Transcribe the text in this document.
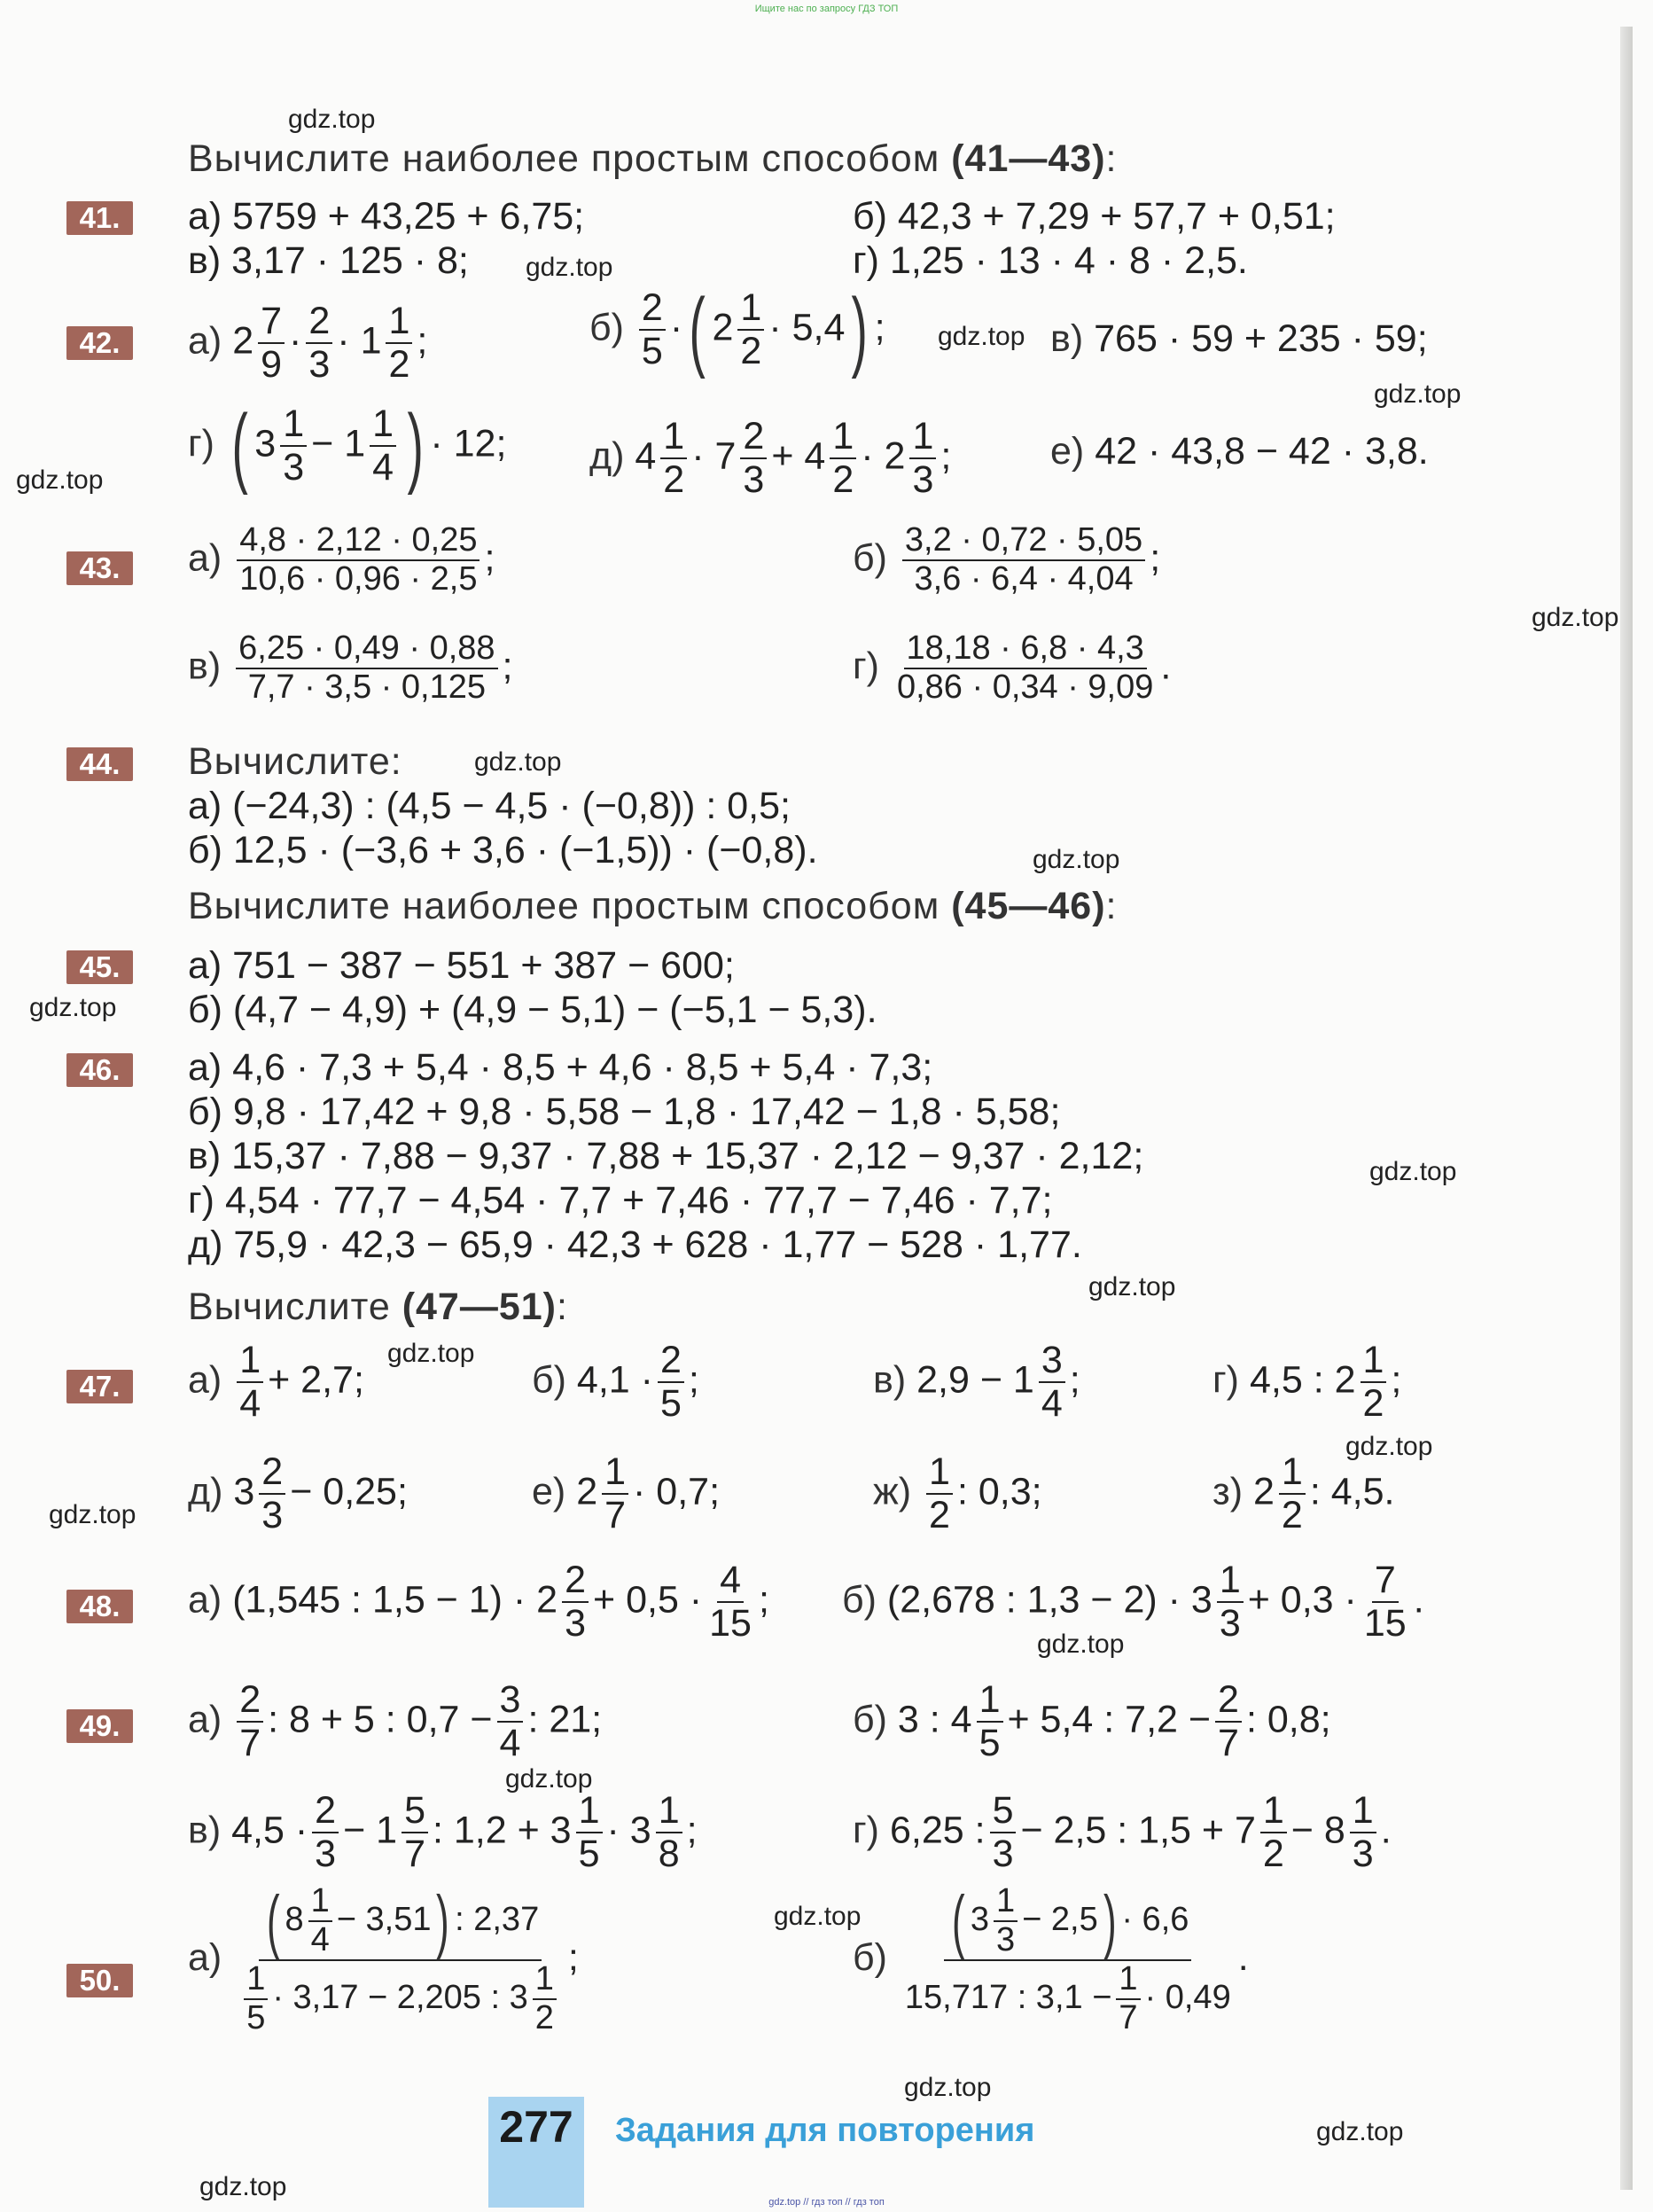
Ищите нас по запросу ГДЗ ТОП
gdz.top
gdz.top
gdz.top
gdz.top
gdz.top
gdz.top
gdz.top
gdz.top
gdz.top
gdz.top
gdz.top
gdz.top
gdz.top
gdz.top
gdz.top
gdz.top
gdz.top
gdz.top
gdz.top
gdz.top
Вычислите наиболее простым способом (41—43):
41.	а) 5759 + 43,25 + 6,75;	б) 42,3 + 7,29 + 57,7 + 0,51;
в) 3,17 · 125 · 8;	г) 1,25 · 13 · 4 · 8 · 2,5.
42.	а) $2 \frac{7}{9} \cdot \frac{2}{3} \cdot 1 \frac{1}{2}$ ;	$б) \frac{2}{5}$ ·( $2 \frac{1}{2} \cdot 5,4$) ;	в) 765 · 59 + 235 · 59;
г) ( $3 \frac{1}{3} - 1 \frac{1}{4}$ ) · 12; д) $4 \frac{1}{2} \cdot 7 \frac{2}{3} + 4 \frac{1}{2} \cdot 2 \frac{1}{3}$ ;	е) 42 · 43,8 − 42 · 3,8.
43.	$а) \frac{4,8 \cdot 2,12 \cdot 0,25}{10,6 \cdot 0,96 \cdot 2,5}$ ;	$б) \frac{3,2 \cdot 0,72 \cdot 5,05}{3,6 \cdot 6,4 \cdot 4,04}$ ;
$в) \frac{6,25 \cdot 0,49 \cdot 0,88}{7,7 \cdot 3,5 \cdot 0,125}$ ;	$г) \frac{18,18 \cdot 6,8 \cdot 4,3}{0,86 \cdot 0,34 \cdot 9,09}$ .
44.	Вычислите:
а) (−24,3) : (4,5 − 4,5 · (−0,8)) : 0,5;
б) 12,5 · (−3,6 + 3,6 · (−1,5)) · (−0,8).
Вычислите наиболее простым способом (45—46):
45.	а) 751 − 387 − 551 + 387 − 600;
б) (4,7 − 4,9) + (4,9 − 5,1) − (−5,1 − 5,3).
46.	а) 4,6 · 7,3 + 5,4 · 8,5 + 4,6 · 8,5 + 5,4 · 7,3;
б) 9,8 · 17,42 + 9,8 · 5,58 − 1,8 · 17,42 − 1,8 · 5,58;
в) 15,37 · 7,88 − 9,37 · 7,88 + 15,37 · 2,12 − 9,37 · 2,12;
г) 4,54 · 77,7 − 4,54 · 7,7 + 7,46 · 77,7 − 7,46 · 7,7;
д) 75,9 · 42,3 − 65,9 · 42,3 + 628 · 1,77 − 528 · 1,77.
Вычислите (47—51):
47.	$а) \frac{1}{4} + 2,7$;	б) $4,1 \cdot \frac{2}{5}$ ;	в) $2,9 - 1 \frac{3}{4}$ ;	г) 4,5 : $2 \frac{1}{2}$ ;
д) $3 \frac{2}{3} - 0,25$;	е) $2 \frac{1}{7} \cdot 0,7$;	$ж) \frac{1}{2}$ : 0,3;	з) $2 \frac{1}{2}$ : 4,5.
48.	а) (1,545 : $1,5 - 1) \cdot 2 \frac{2}{3} + 0,5 \cdot \frac{4}{15}$ ; б) (2,678 : $1,3 - 2) \cdot 3 \frac{1}{3} + 0,3 \cdot \frac{7}{15}$ .
49.	$а) \frac{2}{7}$ : 8 + 5 : $0,7 - \frac{3}{4}$ : 21;	б) 3 : $4 \frac{1}{5} + 5,4$ : $7,2 - \frac{2}{7}$ : 0,8;
в) $4,5 \cdot \frac{2}{3} - 1 \frac{5}{7}$ : $1,2 + 3 \frac{1}{5} \cdot 3 \frac{1}{8}$ ;	г) 6,25 : $\frac{5}{3} - 2,5$ : $1,5 + 7 \frac{1}{2} - 8 \frac{1}{3}$ .
50.
$а) \frac{( 8 \frac{1}{4} - 3,51) : 2,37}{\frac{1}{5} \cdot 3,17 - 2,205 : 3 \frac{1}{2}}$ ;	$б) \frac{( 3 \frac{1}{3} - 2,5) \cdot 6,6}{15,717 : 3,1 - \frac{1}{7} \cdot 0,49}$ .
277	Задания для повторения
gdz.top // гдз топ // гдз топ
